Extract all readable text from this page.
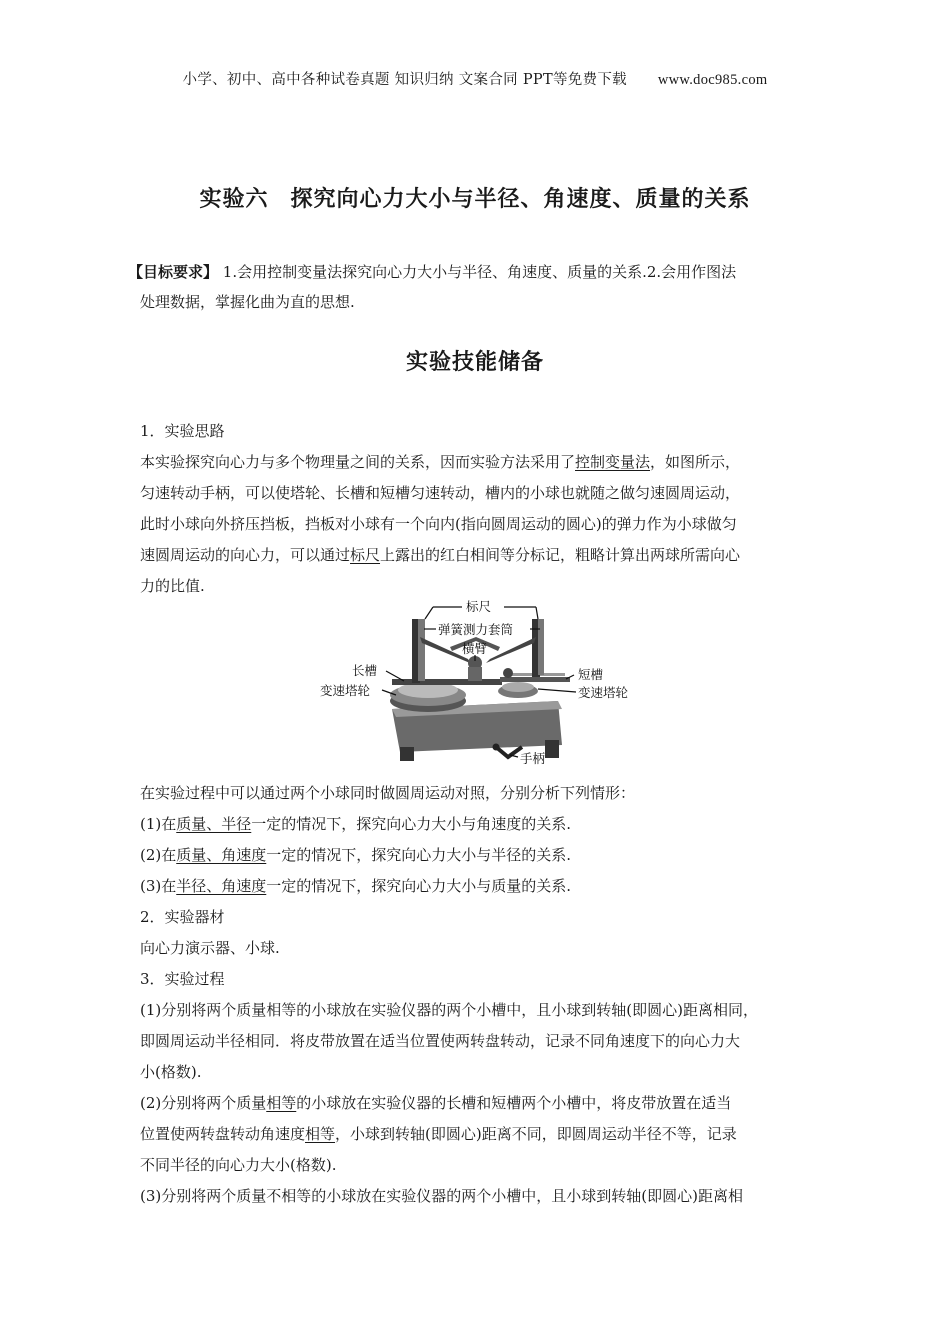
小学、初中、高中各种试卷真题 知识归纳 文案合同 PPT等免费下载 www.doc985.com
实验六 探究向心力大小与半径、角速度、质量的关系
【目标要求】 1.会用控制变量法探究向心力大小与半径、角速度、质量的关系.2.会用作图法
处理数据，掌握化曲为直的思想.
实验技能储备
1．实验思路
本实验探究向心力与多个物理量之间的关系，因而实验方法采用了控制变量法，如图所示，
匀速转动手柄，可以使塔轮、长槽和短槽匀速转动，槽内的小球也就随之做匀速圆周运动，
此时小球向外挤压挡板，挡板对小球有一个向内(指向圆周运动的圆心)的弹力作为小球做匀
速圆周运动的向心力，可以通过标尺上露出的红白相间等分标记，粗略计算出两球所需向心
力的比值.
标尺
弹簧测力套筒
横臂
长槽
变速塔轮
短槽
变速塔轮
手柄
在实验过程中可以通过两个小球同时做圆周运动对照，分别分析下列情形：
(1)在质量、半径一定的情况下，探究向心力大小与角速度的关系.
(2)在质量、角速度一定的情况下，探究向心力大小与半径的关系.
(3)在半径、角速度一定的情况下，探究向心力大小与质量的关系.
2．实验器材
向心力演示器、小球.
3．实验过程
(1)分别将两个质量相等的小球放在实验仪器的两个小槽中，且小球到转轴(即圆心)距离相同，
即圆周运动半径相同．将皮带放置在适当位置使两转盘转动，记录不同角速度下的向心力大
小(格数).
(2)分别将两个质量相等的小球放在实验仪器的长槽和短槽两个小槽中，将皮带放置在适当
位置使两转盘转动角速度相等，小球到转轴(即圆心)距离不同，即圆周运动半径不等，记录
不同半径的向心力大小(格数).
(3)分别将两个质量不相等的小球放在实验仪器的两个小槽中，且小球到转轴(即圆心)距离相
